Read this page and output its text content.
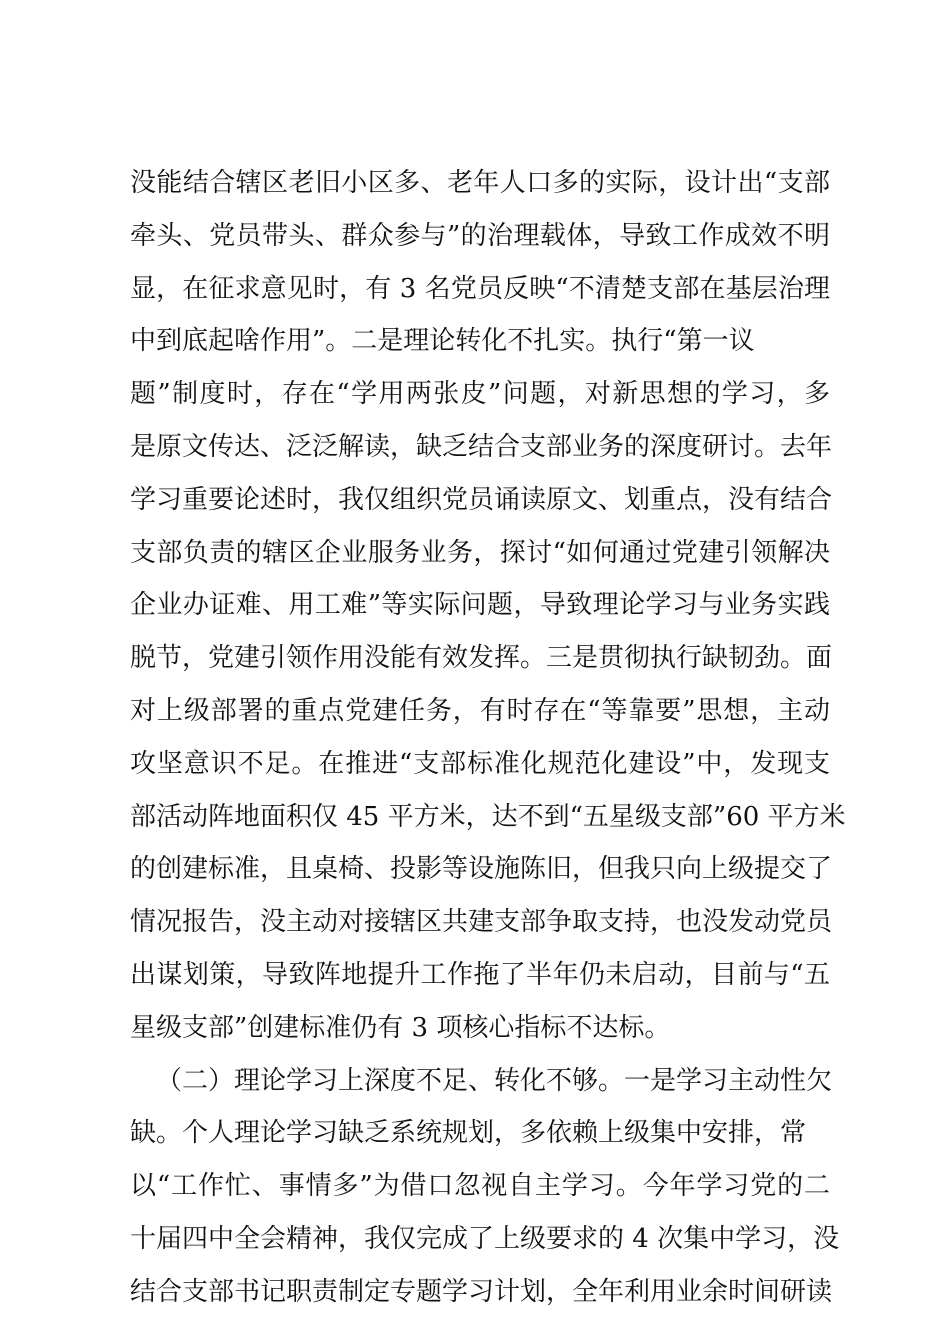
没能结合辖区老旧小区多、老年人口多的实际，设计出“支部
牵头、党员带头、群众参与”的治理载体，导致工作成效不明
显，在征求意见时，有 3 名党员反映“不清楚支部在基层治理
中到底起啥作用”。二是理论转化不扎实。执行“第一议
题”制度时，存在“学用两张皮”问题，对新思想的学习，多
是原文传达、泛泛解读，缺乏结合支部业务的深度研讨。去年
学习重要论述时，我仅组织党员诵读原文、划重点，没有结合
支部负责的辖区企业服务业务，探讨“如何通过党建引领解决
企业办证难、用工难”等实际问题，导致理论学习与业务实践
脱节，党建引领作用没能有效发挥。三是贯彻执行缺韧劲。面
对上级部署的重点党建任务，有时存在“等靠要”思想，主动
攻坚意识不足。在推进“支部标准化规范化建设”中，发现支
部活动阵地面积仅 45 平方米，达不到“五星级支部”60 平方米
的创建标准，且桌椅、投影等设施陈旧，但我只向上级提交了
情况报告，没主动对接辖区共建支部争取支持，也没发动党员
出谋划策，导致阵地提升工作拖了半年仍未启动，目前与“五
星级支部”创建标准仍有 3 项核心指标不达标。
（二）理论学习上深度不足、转化不够。一是学习主动性欠
缺。个人理论学习缺乏系统规划，多依赖上级集中安排，常
以“工作忙、事情多”为借口忽视自主学习。今年学习党的二
十届四中全会精神，我仅完成了上级要求的 4 次集中学习，没
结合支部书记职责制定专题学习计划，全年利用业余时间研读
